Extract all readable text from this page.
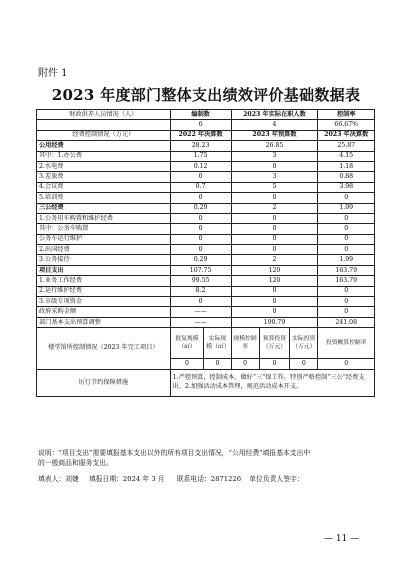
附件 1
2023 年度部门整体支出绩效评价基础数据表
财政供养人员情况（人）	编制数		2023 年实际在职人数			控制率
	6		4			66.67%
经费控制情况（万元）	2022 年决算数		2023 年预算数			2023 年决算数
公用经费	28.23		26.85			25.87
其中：1.办公费	1.75		3			4.15
2.水电费	0.12		0			1.18
3.差旅费	0		3			0.88
4.会议费	0.7		5			3.98
5.培训费	0		0			0
三公经费	0.29		2			1.99
1.公务用车购置和维护经费	0		0			0
其中：公务车购置	0		0			0
公务车运行维护	0		0			0
2.出国经费	0		0			0
3.公务接待	0.29		2			1.99
项目支出	107.75		120			163.79
1.业务工作经费	99.55		120			163.79
2.运行维护经费	8.2		0			0
3.市级专项资金	0		0			0
政府采购金额	——		0			0
部门基本支出预算调整	——		190.79			241.08
楼堂馆所控制情况（2023 年完工项目）	批复规模（㎡）	实际规模（㎡）	规模控制率	预算投资（万元）	实际投资（万元）	投资概算控制率
	0	0	0	0	0	0
厉行节约保障措施	1.严控预算，控制成本，做好“三”保工作，特别严格控制“三公”经费支出，2.加强活动成本管理，规范活动成本开支。					
说明：“项目支出”需要填报基本支出以外的所有项目支出情况，“公用经费”填报基本支出中
的一般商品和服务支出。
填表人：刘婕 填报日期：2024 年 3 月 联系电话：2871226 单位负责人签字：
— 11 —
